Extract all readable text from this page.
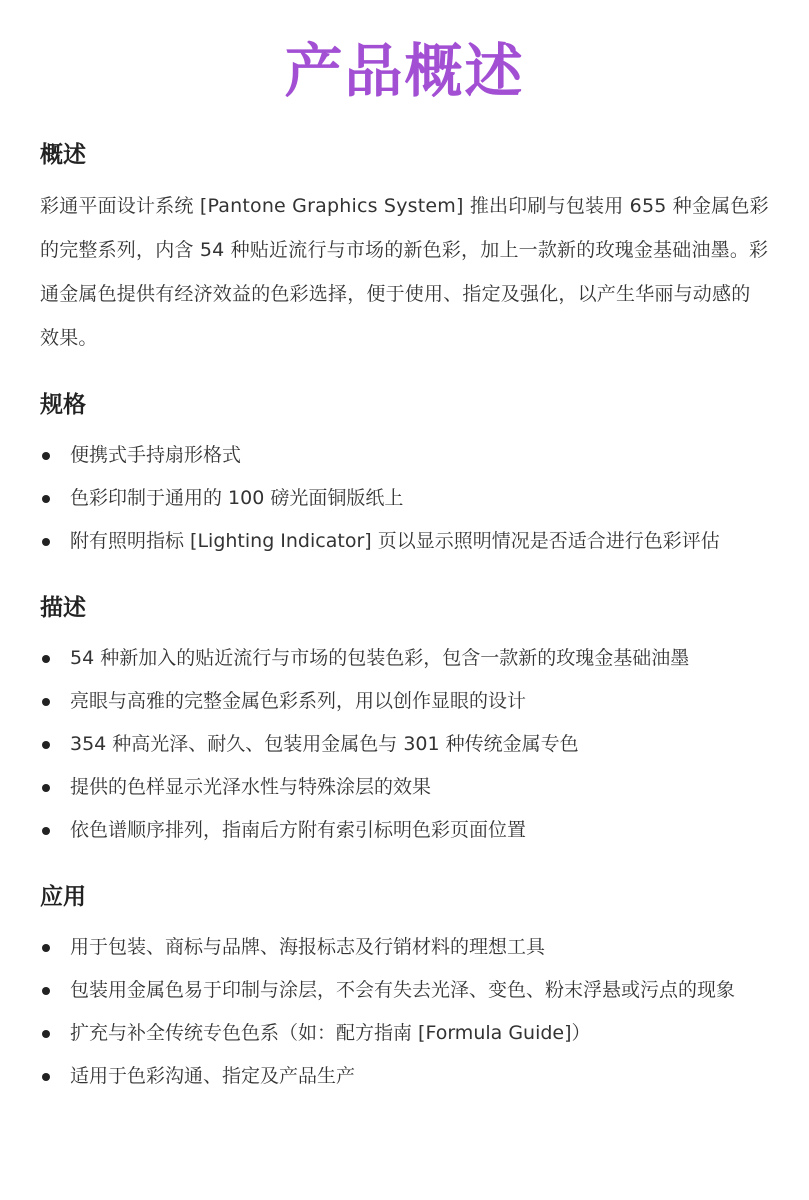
产品概述
概述

彩通平面设计系统 [Pantone Graphics System] 推出印刷与包装用 655 种金属色彩的完整系列，内含 54 种贴近流行与市场的新色彩，加上一款新的玫瑰金基础油墨。彩通金属色提供有经济效益的色彩选择，便于使用、指定及强化，以产生华丽与动感的效果。

规格
便携式手持扇形格式
色彩印制于通用的 100 磅光面铜版纸上
附有照明指标 [Lighting Indicator] 页以显示照明情况是否适合进行色彩评估
描述
54 种新加入的贴近流行与市场的包装色彩，包含一款新的玫瑰金基础油墨
亮眼与高雅的完整金属色彩系列，用以创作显眼的设计
354 种高光泽、耐久、包装用金属色与 301 种传统金属专色
提供的色样显示光泽水性与特殊涂层的效果
依色谱顺序排列，指南后方附有索引标明色彩页面位置
应用
用于包装、商标与品牌、海报标志及行销材料的理想工具
包装用金属色易于印制与涂层，不会有失去光泽、变色、粉末浮悬或污点的现象
扩充与补全传统专色色系（如：配方指南 [Formula Guide]）
适用于色彩沟通、指定及产品生产
